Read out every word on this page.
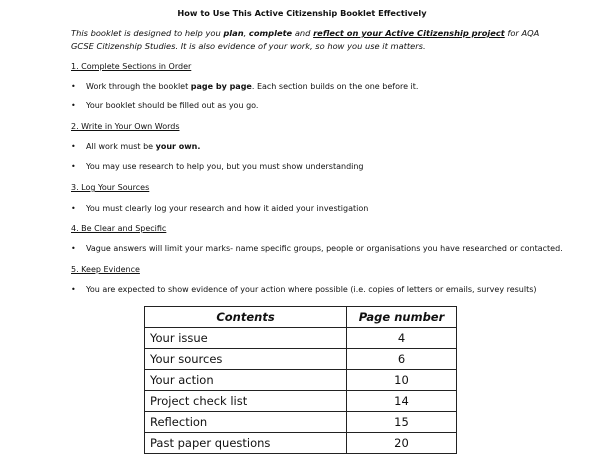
How to Use This Active Citizenship Booklet Effectively
This booklet is designed to help you plan, complete and reflect on your Active Citizenship project for AQA GCSE Citizenship Studies. It is also evidence of your work, so how you use it matters.
1. Complete Sections in Order
• Work through the booklet page by page. Each section builds on the one before it.
• Your booklet should be filled out as you go.
2. Write in Your Own Words
• All work must be your own.
• You may use research to help you, but you must show understanding
3. Log Your Sources
• You must clearly log your research and how it aided your investigation
4. Be Clear and Specific
• Vague answers will limit your marks- name specific groups, people or organisations you have researched or contacted.
5. Keep Evidence
• You are expected to show evidence of your action where possible (i.e. copies of letters or emails, survey results)
Contents	Page number
Your issue	4
Your sources	6
Your action	10
Project check list	14
Reflection	15
Past paper questions	20
